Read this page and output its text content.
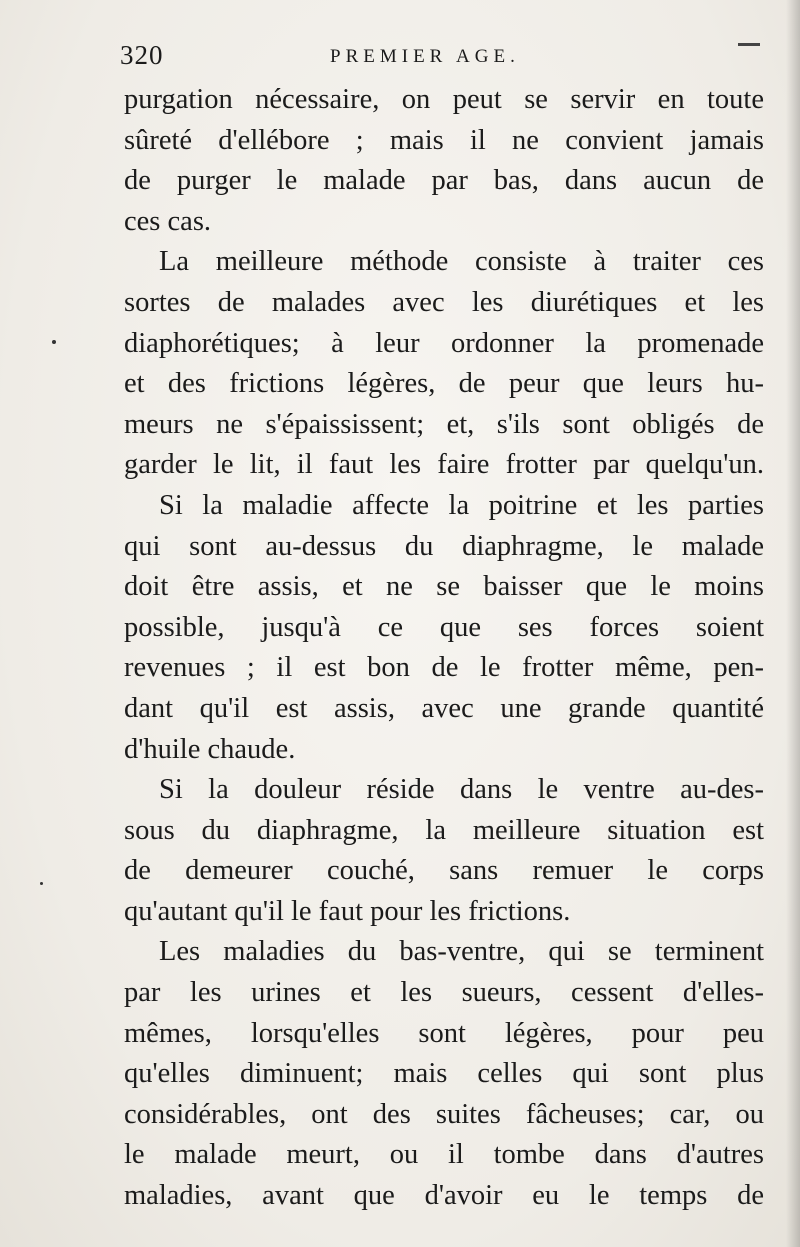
320	PREMIER AGE.
purgation nécessaire, on peut se servir en toute
sûreté d'ellébore ; mais il ne convient jamais
de purger le malade par bas, dans aucun de
ces cas.
La meilleure méthode consiste à traiter ces
sortes de malades avec les diurétiques et les
diaphorétiques; à leur ordonner la promenade
et des frictions légères, de peur que leurs hu-
meurs ne s'épaississent; et, s'ils sont obligés de
garder le lit, il faut les faire frotter par quelqu'un.
Si la maladie affecte la poitrine et les parties
qui sont au-dessus du diaphragme, le malade
doit être assis, et ne se baisser que le moins
possible, jusqu'à ce que ses forces soient
revenues ; il est bon de le frotter même, pen-
dant qu'il est assis, avec une grande quantité
d'huile chaude.
Si la douleur réside dans le ventre au-des-
sous du diaphragme, la meilleure situation est
de demeurer couché, sans remuer le corps
qu'autant qu'il le faut pour les frictions.
Les maladies du bas-ventre, qui se terminent
par les urines et les sueurs, cessent d'elles-
mêmes, lorsqu'elles sont légères, pour peu
qu'elles diminuent; mais celles qui sont plus
considérables, ont des suites fâcheuses; car, ou
le malade meurt, ou il tombe dans d'autres
maladies, avant que d'avoir eu le temps de
